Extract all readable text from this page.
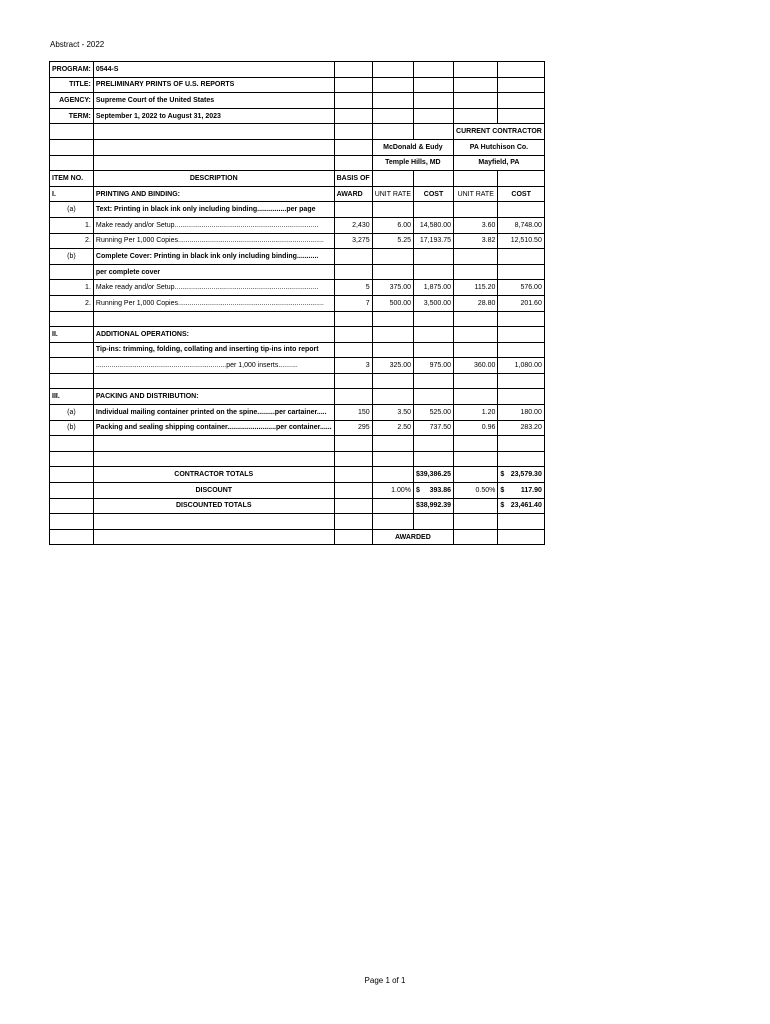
Abstract - 2022
PROGRAM:	0544-S					
TITLE:	PRELIMINARY PRINTS OF U.S. REPORTS					
AGENCY:	Supreme Court of the United States					
TERM:	September 1, 2022 to August 31, 2023					
					CURRENT CONTRACTOR	
			McDonald & Eudy		PA Hutchison Co.	
			Temple Hills, MD		Mayfield, PA	
ITEM NO.	DESCRIPTION	BASIS OF				
I.	PRINTING AND BINDING:	AWARD	UNIT RATE	COST	UNIT RATE	COST
(a)	Text: Printing in black ink only including binding...............per page					
1.	Make ready and/or Setup..........................................................................	2,430	6.00	14,580.00	3.60	8,748.00
2.	Running Per 1,000 Copies...........................................................................	3,275	5.25	17,193.75	3.82	12,510.50
(b)	Complete Cover: Printing in black ink only including binding...........					
	per complete cover					
1.	Make ready and/or Setup..........................................................................	5	375.00	1,875.00	115.20	576.00
2.	Running Per 1,000 Copies...........................................................................	7	500.00	3,500.00	28.80	201.60

II.	ADDITIONAL OPERATIONS:					
	Tip-ins: trimming, folding, collating and inserting tip-ins into report					
	...................................................................per 1,000 inserts..........	3	325.00	975.00	360.00	1,080.00

III.	PACKING AND DISTRIBUTION:					
(a)	Individual mailing container printed on the spine.........per cartainer.....	150	3.50	525.00	1.20	180.00
(b)	Packing and sealing shipping container.........................per container......	295	2.50	737.50	0.96	283.20

	CONTRACTOR TOTALS			$39,386.25		$ 23,579.30

	DISCOUNT		1.00%	$ 393.86	0.50%	$ 117.90

	DISCOUNTED TOTALS			$38,992.39		$ 23,461.40

			AWARDED			
Page 1 of 1
